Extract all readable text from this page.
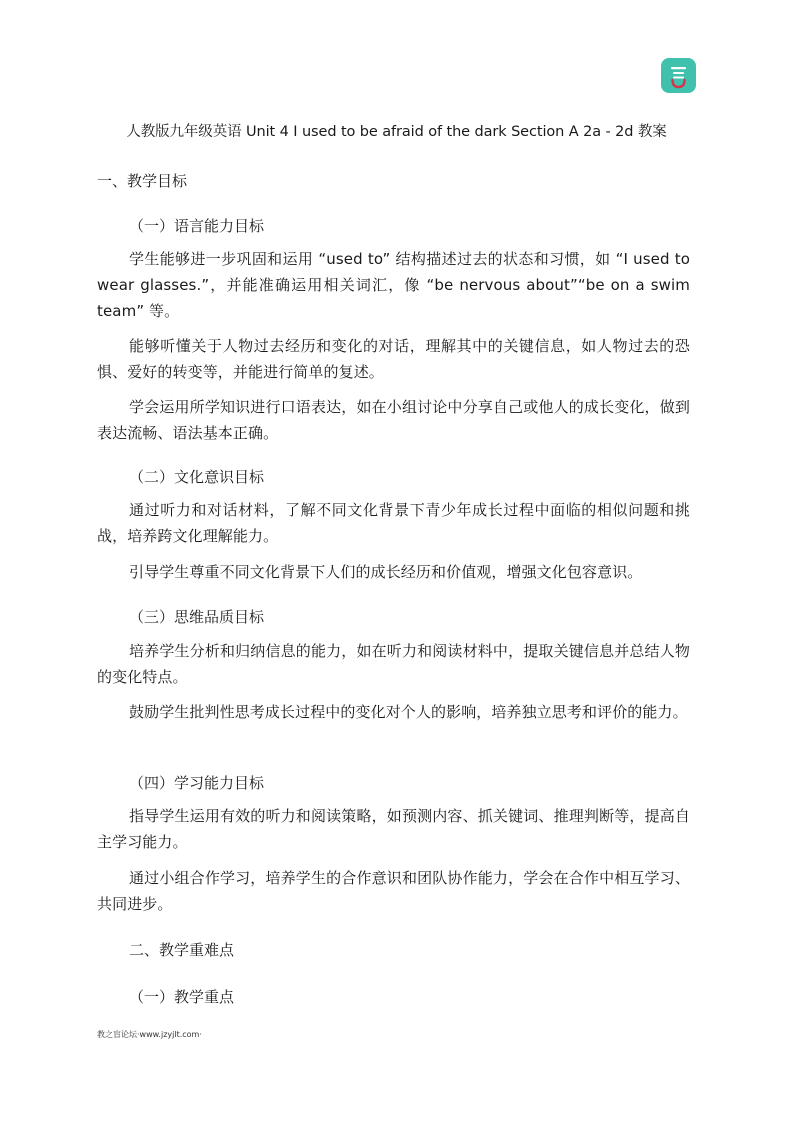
人教版九年级英语 Unit 4 I used to be afraid of the dark Section A 2a - 2d 教案
一、教学目标
（一）语言能力目标
学生能够进一步巩固和运用 “used to” 结构描述过去的状态和习惯，如 “I used to wear glasses.”，并能准确运用相关词汇，像 “be nervous about”“be on a swim team” 等。
能够听懂关于人物过去经历和变化的对话，理解其中的关键信息，如人物过去的恐惧、爱好的转变等，并能进行简单的复述。
学会运用所学知识进行口语表达，如在小组讨论中分享自己或他人的成长变化，做到表达流畅、语法基本正确。
（二）文化意识目标
通过听力和对话材料，了解不同文化背景下青少年成长过程中面临的相似问题和挑战，培养跨文化理解能力。
引导学生尊重不同文化背景下人们的成长经历和价值观，增强文化包容意识。
（三）思维品质目标
培养学生分析和归纳信息的能力，如在听力和阅读材料中，提取关键信息并总结人物的变化特点。
鼓励学生批判性思考成长过程中的变化对个人的影响，培养独立思考和评价的能力。
（四）学习能力目标
指导学生运用有效的听力和阅读策略，如预测内容、抓关键词、推理判断等，提高自主学习能力。
通过小组合作学习，培养学生的合作意识和团队协作能力，学会在合作中相互学习、共同进步。
二、教学重难点
（一）教学重点
教之盲论坛·www.jzyjlt.com·
